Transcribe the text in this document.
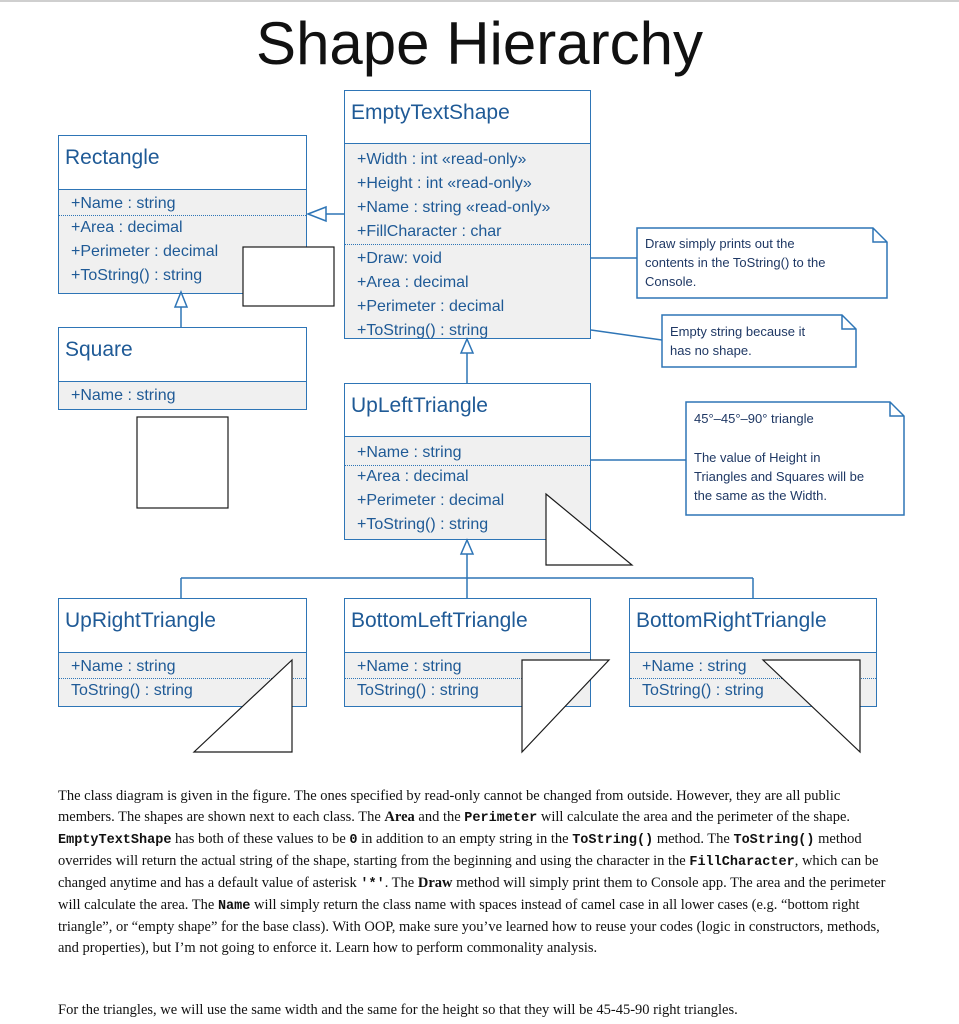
Shape Hierarchy
EmptyTextShape
+Width : int «read-only»
+Height : int «read-only»
+Name : string «read-only»
+FillCharacter : char
+Draw: void
+Area : decimal
+Perimeter : decimal
+ToString() : string
Rectangle
+Name : string
+Area : decimal
+Perimeter : decimal
+ToString() : string
Square
+Name : string	UpLeftTriangle
+Name : string
+Area : decimal
+Perimeter : decimal
+ToString() : string
UpRightTriangle
+Name : string
ToString() : string
BottomLeftTriangle
+Name : string
ToString() : string
BottomRightTriangle
+Name : string
ToString() : string
Draw simply prints out the
contents in the ToString() to the
Console.
Empty string because it
has no shape.
45°–45°–90° triangle
The value of Height in
Triangles and Squares will be
the same as the Width.
The class diagram is given in the figure. The ones specified by read-only cannot be changed from outside. However, they are all public members. The shapes are shown next to each class. The Area and the Perimeter will calculate the area and the perimeter of the shape. EmptyTextShape has both of these values to be 0 in addition to an empty string in the ToString() method. The ToString() method overrides will return the actual string of the shape, starting from the beginning and using the character in the FillCharacter, which can be changed anytime and has a default value of asterisk '*'. The Draw method will simply print them to Console app. The area and the perimeter will calculate the area. The Name will simply return the class name with spaces instead of camel case in all lower cases (e.g. “bottom right triangle”, or “empty shape” for the base class). With OOP, make sure you’ve learned how to reuse your codes (logic in constructors, methods, and properties), but I’m not going to enforce it. Learn how to perform commonality analysis.
For the triangles, we will use the same width and the same for the height so that they will be 45-45-90 right triangles.
